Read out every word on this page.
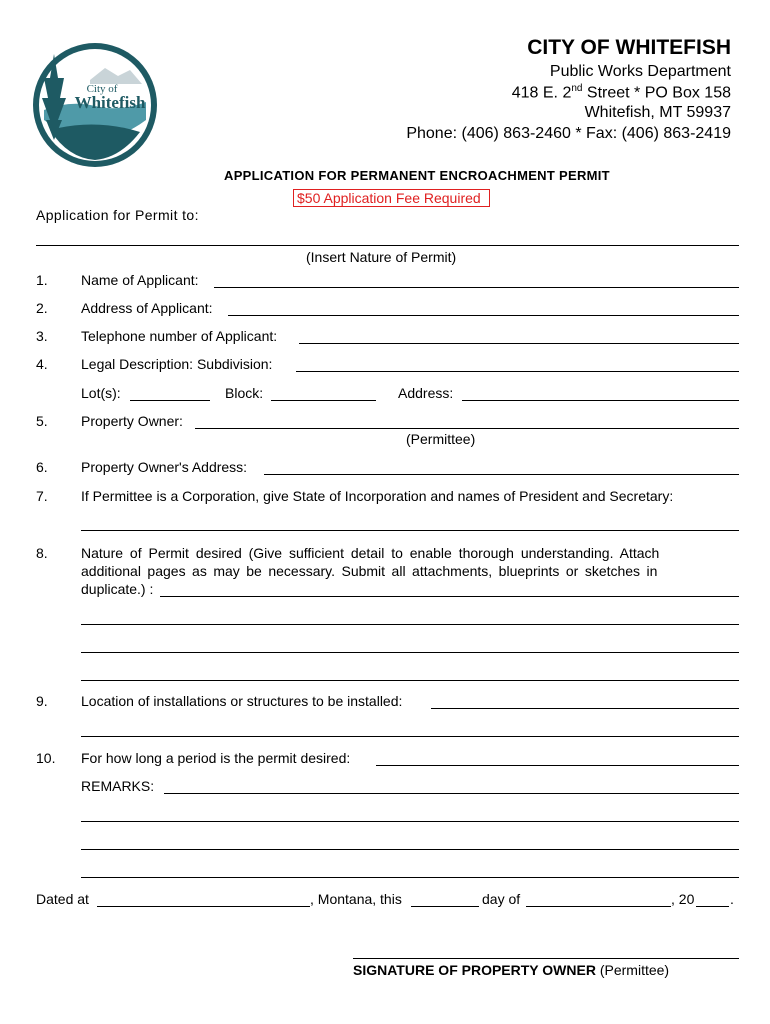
City of
Whitefish
CITY OF WHITEFISH
Public Works Department
418 E. 2nd Street * PO Box 158
Whitefish, MT 59937
Phone: (406) 863-2460 * Fax: (406) 863-2419
APPLICATION FOR PERMANENT ENCROACHMENT PERMIT
$50 Application Fee Required
Application for Permit to:
(Insert Nature of Permit)
1. Name of Applicant:
2. Address of Applicant:
3. Telephone number of Applicant:
4. Legal Description: Subdivision:
Lot(s):	Block:	Address:
5. Property Owner:
(Permittee)
6. Property Owner's Address:
7. If Permittee is a Corporation, give State of Incorporation and names of President and Secretary:
8. Nature of Permit desired (Give sufficient detail to enable thorough understanding. Attach
additional pages as may be necessary. Submit all attachments, blueprints or sketches in
duplicate.) :
9. Location of installations or structures to be installed:
10. For how long a period is the permit desired:
REMARKS:
Dated at	, Montana, this	day of	, 20	.
SIGNATURE OF PROPERTY OWNER (Permittee)
